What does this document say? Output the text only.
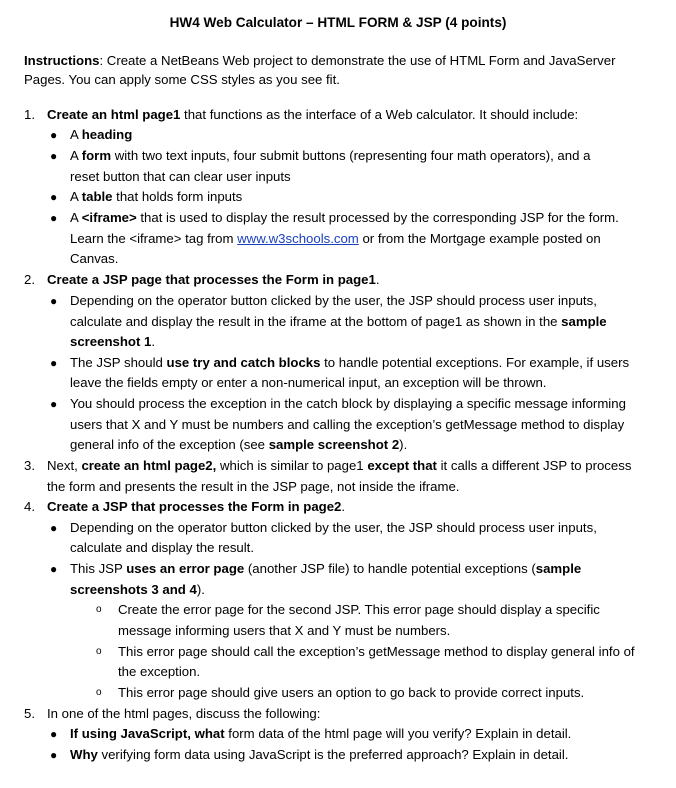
HW4 Web Calculator – HTML FORM & JSP (4 points)
Instructions: Create a NetBeans Web project to demonstrate the use of HTML Form and JavaServer
Pages. You can apply some CSS styles as you see fit.
1. Create an html page1 that functions as the interface of a Web calculator. It should include:
● A heading
● A form with two text inputs, four submit buttons (representing four math operators), and a
reset button that can clear user inputs
● A table that holds form inputs
● A <iframe> that is used to display the result processed by the corresponding JSP for the form.
Learn the <iframe> tag from www.w3schools.com or from the Mortgage example posted on
Canvas.
2. Create a JSP page that processes the Form in page1.
● Depending on the operator button clicked by the user, the JSP should process user inputs,
calculate and display the result in the iframe at the bottom of page1 as shown in the sample
screenshot 1.
● The JSP should use try and catch blocks to handle potential exceptions. For example, if users
leave the fields empty or enter a non-numerical input, an exception will be thrown.
● You should process the exception in the catch block by displaying a specific message informing
users that X and Y must be numbers and calling the exception’s getMessage method to display
general info of the exception (see sample screenshot 2).
3. Next, create an html page2, which is similar to page1 except that it calls a different JSP to process
the form and presents the result in the JSP page, not inside the iframe.
4. Create a JSP that processes the Form in page2.
● Depending on the operator button clicked by the user, the JSP should process user inputs,
calculate and display the result.
● This JSP uses an error page (another JSP file) to handle potential exceptions (sample
screenshots 3 and 4).
o Create the error page for the second JSP. This error page should display a specific
message informing users that X and Y must be numbers.
o This error page should call the exception’s getMessage method to display general info of
the exception.
o This error page should give users an option to go back to provide correct inputs.
5. In one of the html pages, discuss the following:
● If using JavaScript, what form data of the html page will you verify? Explain in detail.
● Why verifying form data using JavaScript is the preferred approach? Explain in detail.
